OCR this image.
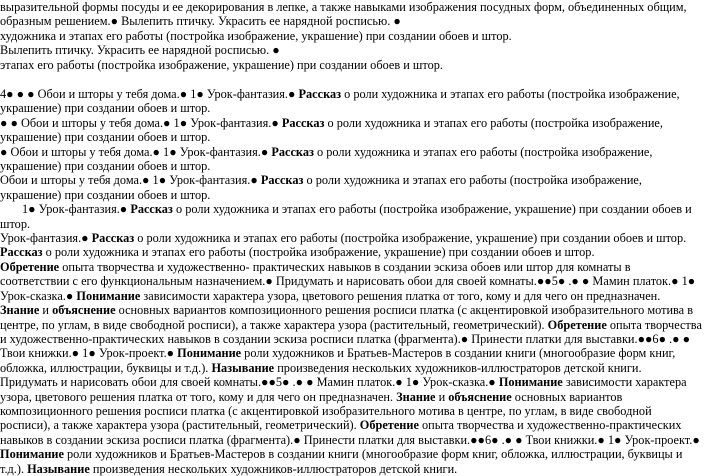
выразительной формы посуды и ее декорирования в лепке, а также навыками изображения посудных форм, объединенных общим, образным решением.● Вылепить птичку. Украсить ее нарядной росписью. ●

художника и этапах его работы (постройка изображение, украшение) при создании обоев и штор.

Вылепить птичку. Украсить ее нарядной росписью. ●

этапах его работы (постройка изображение, украшение) при создании обоев и штор.

4● ● ● Обои и шторы у тебя дома.● 1● Урок-фантазия.● Рассказ о роли художника и этапах его работы (постройка изображение, украшение) при создании обоев и штор.

● ● Обои и шторы у тебя дома.● 1● Урок-фантазия.● Рассказ о роли художника и этапах его работы (постройка изображение, украшение) при создании обоев и штор.

● Обои и шторы у тебя дома.● 1● Урок-фантазия.● Рассказ о роли художника и этапах его работы (постройка изображение, украшение) при создании обоев и штор.

Обои и шторы у тебя дома.● 1● Урок-фантазия.● Рассказ о роли художника и этапах его работы (постройка изображение, украшение) при создании обоев и штор.

1● Урок-фантазия.● Рассказ о роли художника и этапах его работы (постройка изображение, украшение) при создании обоев и штор.

Урок-фантазия.● Рассказ о роли художника и этапах его работы (постройка изображение, украшение) при создании обоев и штор.

Рассказ о роли художника и этапах его работы (постройка изображение, украшение) при создании обоев и штор.

Обретение опыта творчества и художественно- практических навыков в создании эскиза обоев или штор для комнаты в соответствии с его функциональным назначением.● Придумать и нарисовать обои для своей комнаты.●●5● .● ● Мамин платок.● 1● Урок-сказка.● Понимание зависимости характера узора, цветового решения платка от того, кому и для чего он предназначен. Знание и объяснение основных вариантов композиционного решения росписи платка (с акцентировкой изобразительного мотива в центре, по углам, в виде свободной росписи), а также характера узора (растительный, геометрический). Обретение опыта творчества и художественно-практических навыков в создании эскиза росписи платка (фрагмента).● Принести платки для выставки.●●6● .● ● Твои книжки.● 1● Урок-проект.● Понимание роли художников и Братьев-Мастеров в создании книги (многообразие форм книг, обложка, иллюстрации, буквицы и т.д.). Называние произведения нескольких художников-иллюстраторов детской книги.

Придумать и нарисовать обои для своей комнаты.●●5● .● ● Мамин платок.● 1● Урок-сказка.● Понимание зависимости характера узора, цветового решения платка от того, кому и для чего он предназначен. Знание и объяснение основных вариантов композиционного решения росписи платка (с акцентировкой изобразительного мотива в центре, по углам, в виде свободной росписи), а также характера узора (растительный, геометрический). Обретение опыта творчества и художественно-практических навыков в создании эскиза росписи платка (фрагмента).● Принести платки для выставки.●●6● .● ● Твои книжки.● 1● Урок-проект.● Понимание роли художников и Братьев-Мастеров в создании книги (многообразие форм книг, обложка, иллюстрации, буквицы и т.д.). Называние произведения нескольких художников-иллюстраторов детской книги.
